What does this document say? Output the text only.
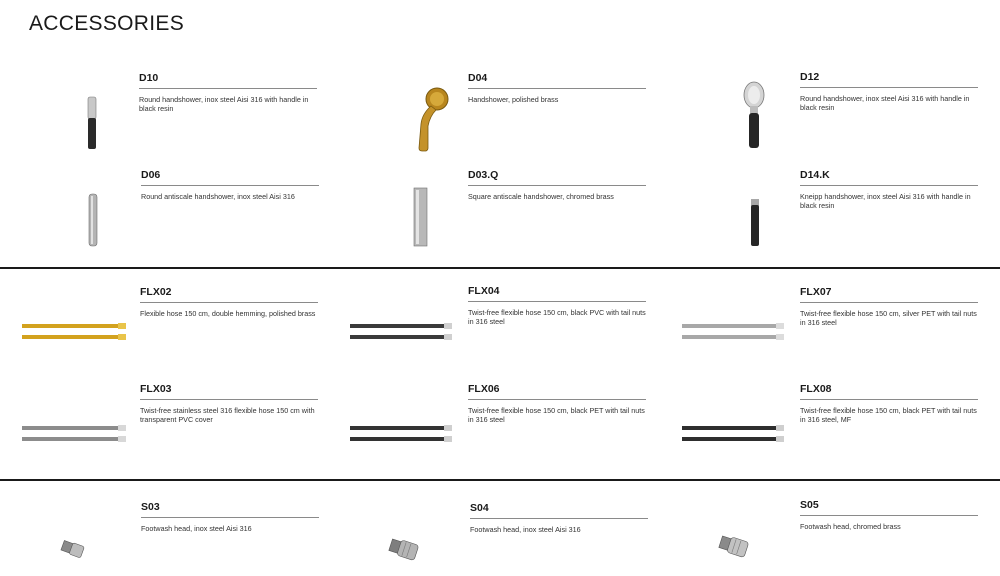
ACCESSORIES
D10
Round handshower, inox steel Aisi 316 with handle in black resin
D04
Handshower, polished brass
D12
Round handshower, inox steel Aisi 316 with handle in black resin
D06
Round antiscale handshower, inox steel Aisi 316
D03.Q
Square antiscale handshower, chromed brass
D14.K
Kneipp handshower, inox steel Aisi 316 with handle in black resin
FLX02
Flexible hose 150 cm, double hemming, polished brass
FLX04
Twist-free flexible hose 150 cm, black PVC with tail nuts in 316 steel
FLX07
Twist-free flexible hose 150 cm, silver PET with tail nuts in 316 steel
FLX03
Twist-free stainless steel 316 flexible hose 150 cm with transparent PVC cover
FLX06
Twist-free flexible hose 150 cm, black PET with tail nuts in 316 steel
FLX08
Twist-free flexible hose 150 cm, black PET with tail nuts in 316 steel, MF
S03
Footwash head, inox steel Aisi 316
S04
Footwash head, inox steel Aisi 316
S05
Footwash head, chromed brass
